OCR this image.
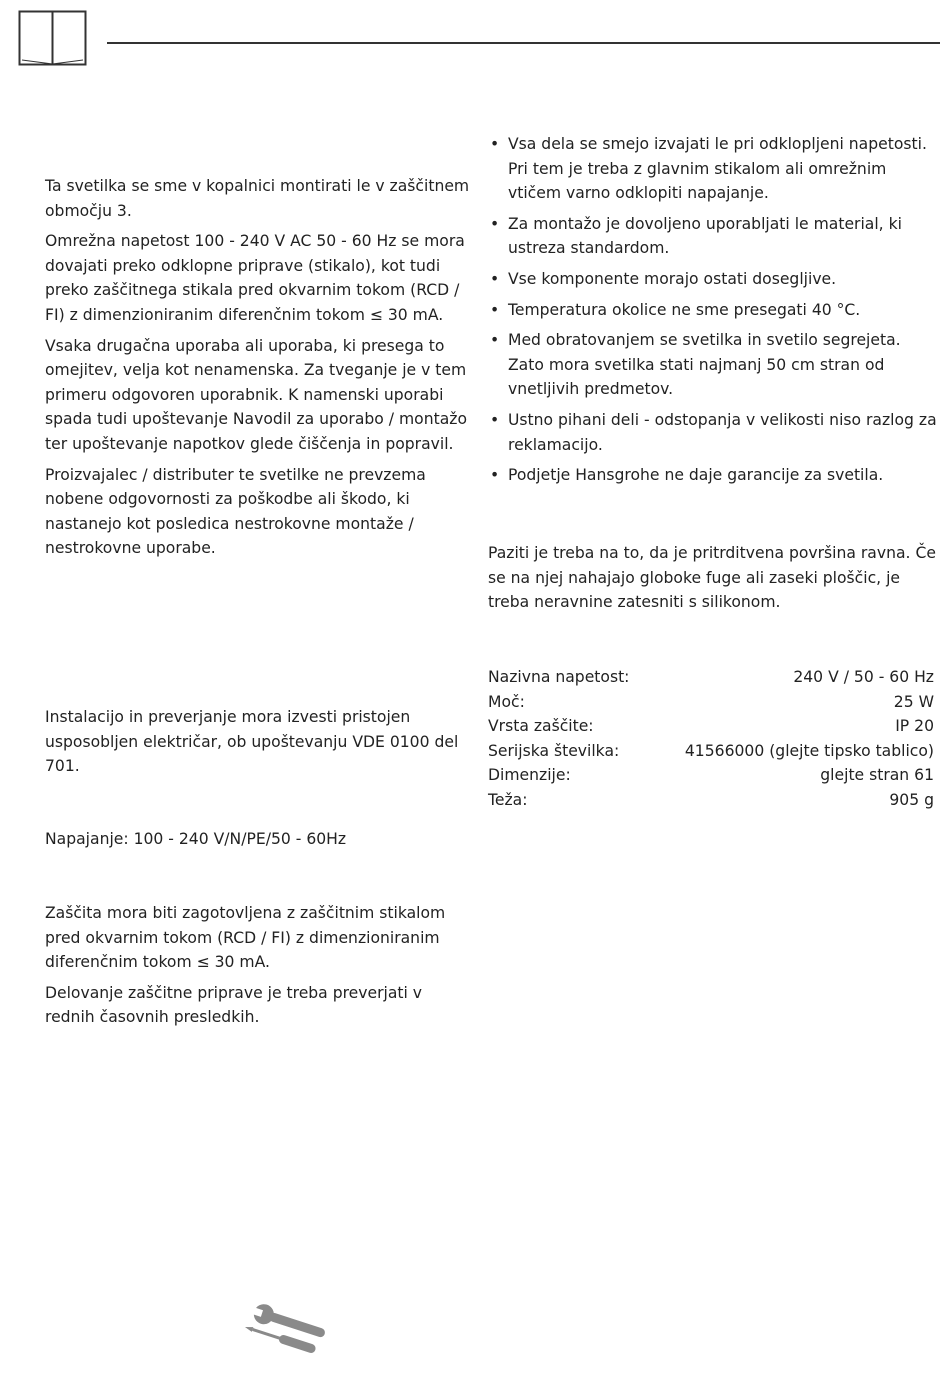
Ta svetilka se sme v kopalnici montirati le v zaščitnem območju 3.

Omrežna napetost 100 - 240 V AC 50 - 60 Hz se mora dovajati preko odklopne priprave (stikalo), kot tudi preko zaščitnega stikala pred okvarnim tokom (RCD / FI) z dimenzioniranim diferenčnim tokom ≤ 30 mA.

Vsaka drugačna uporaba ali uporaba, ki presega to omejitev, velja kot nenamenska. Za tveganje je v tem primeru odgovoren uporabnik. K namenski uporabi spada tudi upoštevanje Navodil za uporabo / montažo ter upoštevanje napotkov glede čiščenja in popravil.

Proizvajalec / distributer te svetilke ne prevzema nobene odgovornosti za poškodbe ali škodo, ki nastanejo kot posledica nestrokovne montaže / nestrokovne uporabe.

Instalacijo in preverjanje mora izvesti pristojen usposobljen električar, ob upoštevanju VDE 0100 del 701.

Napajanje: 100 - 240 V/N/PE/50 - 60Hz

Zaščita mora biti zagotovljena z zaščitnim stikalom pred okvarnim tokom (RCD / FI) z dimenzioniranim diferenčnim tokom ≤ 30 mA.

Delovanje zaščitne priprave je treba preverjati v rednih časovnih presledkih.

• Vsa dela se smejo izvajati le pri odklopljeni napetosti. Pri tem je treba z glavnim stikalom ali omrežnim vtičem varno odklopiti napajanje.
• Za montažo je dovoljeno uporabljati le material, ki ustreza standardom.
• Vse komponente morajo ostati dosegljive.
• Temperatura okolice ne sme presegati 40 °C.
• Med obratovanjem se svetilka in svetilo segrejeta. Zato mora svetilka stati najmanj 50 cm stran od vnetljivih predmetov.
• Ustno pihani deli - odstopanja v velikosti niso razlog za reklamacijo.
• Podjetje Hansgrohe ne daje garancije za svetila.

Paziti je treba na to, da je pritrditvena površina ravna. Če se na njej nahajajo globoke fuge ali zaseki ploščic, je treba neravnine zatesniti s silikonom.

Nazivna napetost:	240 V / 50 - 60 Hz
Moč:	25 W
Vrsta zaščite:	IP 20
Serijska številka:	41566000 (glejte tipsko tablico)
Dimenzije:	glejte stran 61
Teža:	905 g
